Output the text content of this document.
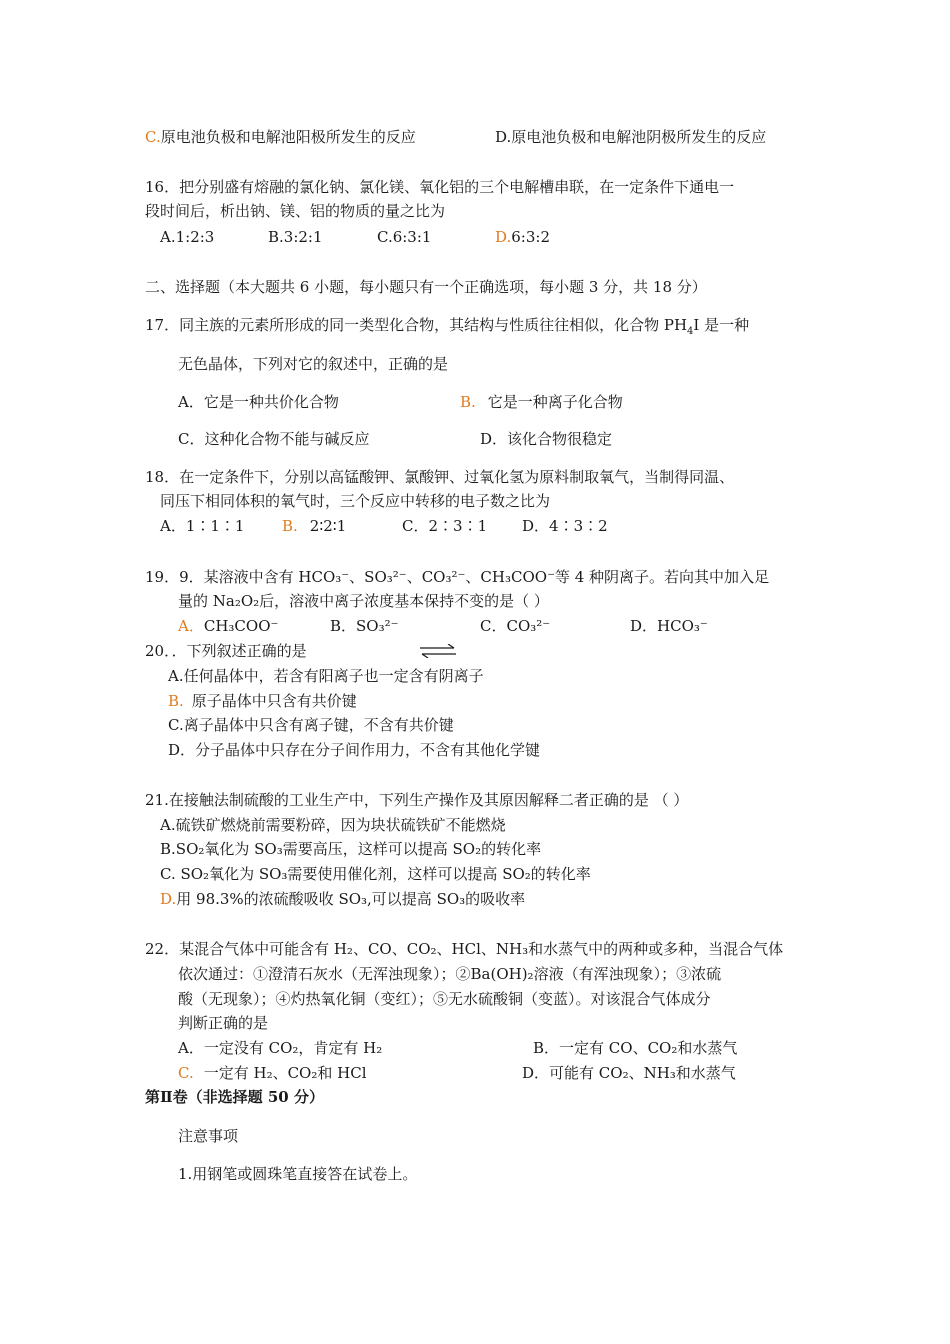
C.原电池负极和电解池阳极所发生的反应	D.原电池负极和电解池阴极所发生的反应
16．把分别盛有熔融的氯化钠、氯化镁、氧化铝的三个电解槽串联，在一定条件下通电一
段时间后，析出钠、镁、铝的物质的量之比为
A.1:2:3	B.3:2:1	C.6:3:1	D.6:3:2
二、选择题（本大题共 6 小题，每小题只有一个正确选项，每小题 3 分，共 18 分）
17．同主族的元素所形成的同一类型化合物，其结构与性质往往相似，化合物 $PH_4I$ 是一种
无色晶体，下列对它的叙述中，正确的是
A．它是一种共价化合物	B. 它是一种离子化合物
C．这种化合物不能与碱反应	D．该化合物很稳定
18．在一定条件下，分别以高锰酸钾、氯酸钾、过氧化氢为原料制取氧气，当制得同温、
同压下相同体积的氧气时，三个反应中转移的电子数之比为
A．1∶1∶1	B. 2∶2∶1	C．2∶3∶1 D．4∶3∶2
19．9．某溶液中含有 HCO₃⁻、SO₃²⁻、CO₃²⁻、CH₃COO⁻等 4 种阴离子。若向其中加入足
量的 Na₂O₂后，溶液中离子浓度基本保持不变的是（ ）
A．CH₃COO⁻	B．SO₃²⁻	C．CO₃²⁻	D．HCO₃⁻
20．．下列叙述正确的是
A.任何晶体中，若含有阳离子也一定含有阴离子
B. 原子晶体中只含有共价键
C.离子晶体中只含有离子键，不含有共价键
D．分子晶体中只存在分子间作用力，不含有其他化学键
21.在接触法制硫酸的工业生产中，下列生产操作及其原因解释二者正确的是 （ ）
A.硫铁矿燃烧前需要粉碎，因为块状硫铁矿不能燃烧
B.SO₂氧化为 SO₃需要高压，这样可以提高 SO₂的转化率
C. SO₂氧化为 SO₃需要使用催化剂，这样可以提高 SO₂的转化率
D.用 98.3%的浓硫酸吸收 SO₃,可以提高 SO₃的吸收率
22．某混合气体中可能含有 H₂、CO、CO₂、HCl、NH₃和水蒸气中的两种或多种，当混合气体
依次通过：①澄清石灰水（无浑浊现象）；②Ba(OH)₂溶液（有浑浊现象）；③浓硫
酸（无现象）；④灼热氧化铜（变红）；⑤无水硫酸铜（变蓝）。对该混合气体成分
判断正确的是
A．一定没有 CO₂，肯定有 H₂	B．一定有 CO、CO₂和水蒸气
C. 一定有 H₂、CO₂和 HCl	D．可能有 CO₂、NH₃和水蒸气
第Ⅱ卷（非选择题 50 分）
注意事项
1.用钢笔或圆珠笔直接答在试卷上。
